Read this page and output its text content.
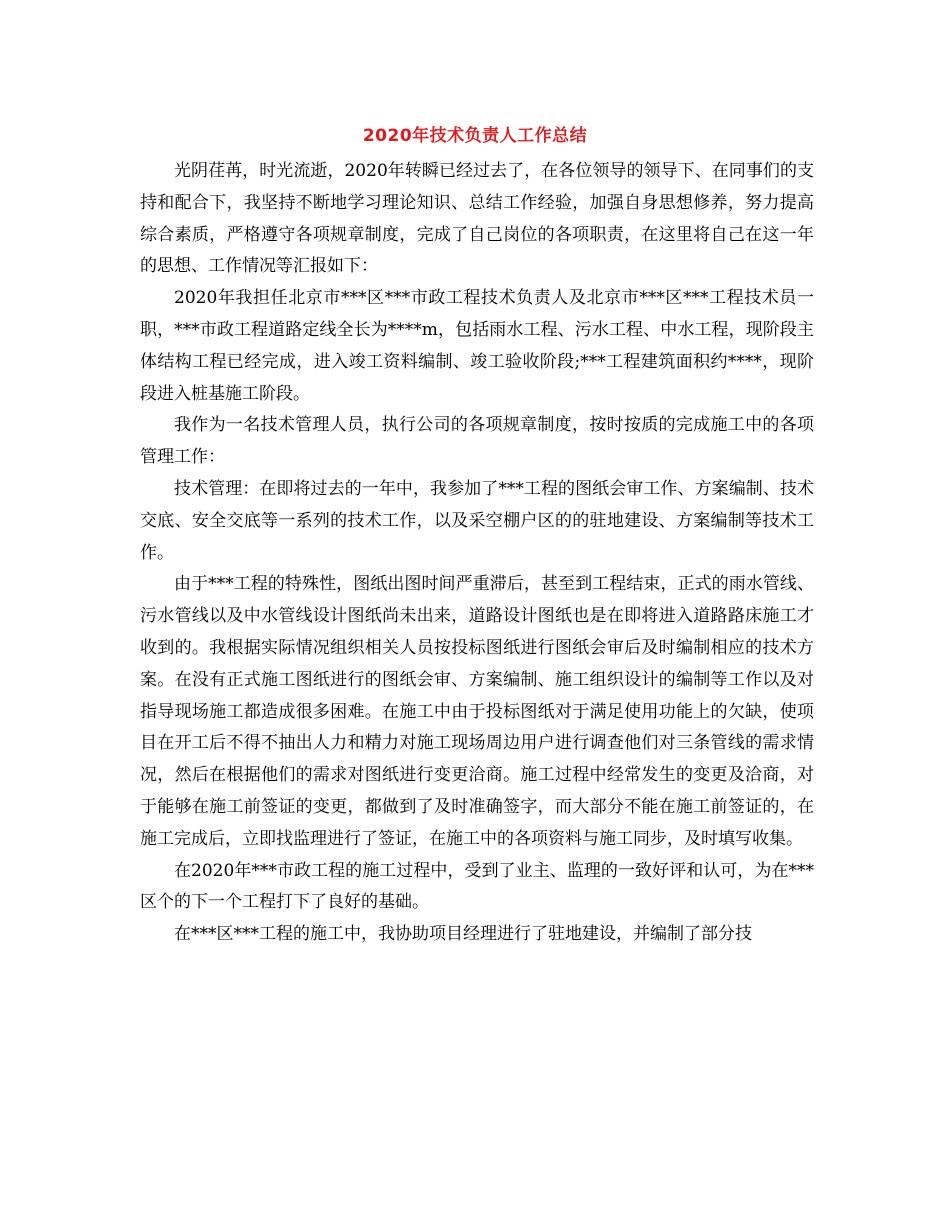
2020年技术负责人工作总结

光阴荏苒，时光流逝，2020年转瞬已经过去了，在各位领导的领导下、在同事们的支持和配合下，我坚持不断地学习理论知识、总结工作经验，加强自身思想修养，努力提高综合素质，严格遵守各项规章制度，完成了自己岗位的各项职责，在这里将自己在这一年的思想、工作情况等汇报如下：

2020年我担任北京市***区***市政工程技术负责人及北京市***区***工程技术员一职，***市政工程道路定线全长为****m，包括雨水工程、污水工程、中水工程，现阶段主体结构工程已经完成，进入竣工资料编制、竣工验收阶段;***工程建筑面积约****，现阶段进入桩基施工阶段。

我作为一名技术管理人员，执行公司的各项规章制度，按时按质的完成施工中的各项管理工作：

技术管理：在即将过去的一年中，我参加了***工程的图纸会审工作、方案编制、技术交底、安全交底等一系列的技术工作，以及采空棚户区的的驻地建设、方案编制等技术工作。

由于***工程的特殊性，图纸出图时间严重滞后，甚至到工程结束，正式的雨水管线、污水管线以及中水管线设计图纸尚未出来，道路设计图纸也是在即将进入道路路床施工才收到的。我根据实际情况组织相关人员按投标图纸进行图纸会审后及时编制相应的技术方案。在没有正式施工图纸进行的图纸会审、方案编制、施工组织设计的编制等工作以及对指导现场施工都造成很多困难。在施工中由于投标图纸对于满足使用功能上的欠缺，使项目在开工后不得不抽出人力和精力对施工现场周边用户进行调查他们对三条管线的需求情况，然后在根据他们的需求对图纸进行变更洽商。施工过程中经常发生的变更及洽商，对于能够在施工前签证的变更，都做到了及时准确签字，而大部分不能在施工前签证的，在施工完成后，立即找监理进行了签证，在施工中的各项资料与施工同步，及时填写收集。

在2020年***市政工程的施工过程中，受到了业主、监理的一致好评和认可，为在***区个的下一个工程打下了良好的基础。

在***区***工程的施工中，我协助项目经理进行了驻地建设，并编制了部分技
